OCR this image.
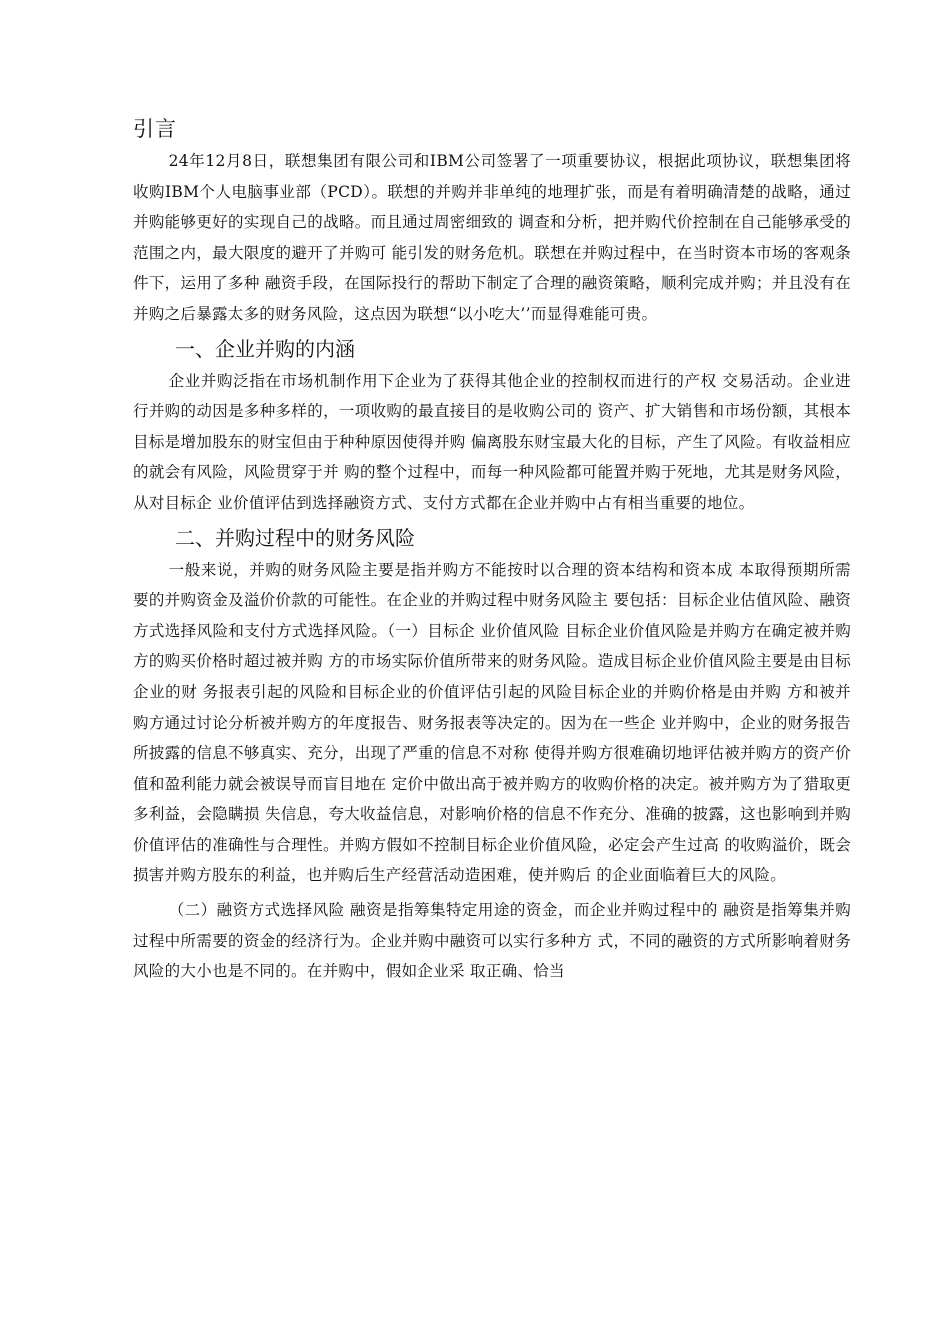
引言

24年12月8日，联想集团有限公司和IBM公司签署了一项重要协议，根据此项协议，联想集团将收购IBM个人电脑事业部（PCD）。联想的并购并非单纯的地理扩张，而是有着明确清楚的战略，通过并购能够更好的实现自己的战略。而且通过周密细致的 调查和分析，把并购代价控制在自己能够承受的范围之内，最大限度的避开了并购可 能引发的财务危机。联想在并购过程中，在当时资本市场的客观条件下，运用了多种 融资手段，在国际投行的帮助下制定了合理的融资策略，顺利完成并购；并且没有在 并购之后暴露太多的财务风险，这点因为联想“以小吃大’’而显得难能可贵。

一、企业并购的内涵

企业并购泛指在市场机制作用下企业为了获得其他企业的控制权而进行的产权 交易活动。企业进行并购的动因是多种多样的，一项收购的最直接目的是收购公司的 资产、扩大销售和市场份额，其根本目标是增加股东的财宝但由于种种原因使得并购 偏离股东财宝最大化的目标，产生了风险。有收益相应的就会有风险，风险贯穿于并 购的整个过程中，而每一种风险都可能置并购于死地，尤其是财务风险，从对目标企 业价值评估到选择融资方式、支付方式都在企业并购中占有相当重要的地位。

二、并购过程中的财务风险

一般来说，并购的财务风险主要是指并购方不能按时以合理的资本结构和资本成 本取得预期所需要的并购资金及溢价价款的可能性。在企业的并购过程中财务风险主 要包括：目标企业估值风险、融资方式选择风险和支付方式选择风险。（一）目标企 业价值风险 目标企业价值风险是并购方在确定被并购方的购买价格时超过被并购 方的市场实际价值所带来的财务风险。造成目标企业价值风险主要是由目标企业的财 务报表引起的风险和目标企业的价值评估引起的风险目标企业的并购价格是由并购 方和被并购方通过讨论分析被并购方的年度报告、财务报表等决定的。因为在一些企 业并购中，企业的财务报告所披露的信息不够真实、充分，出现了严重的信息不对称 使得并购方很难确切地评估被并购方的资产价值和盈利能力就会被误导而盲目地在 定价中做出高于被并购方的收购价格的决定。被并购方为了猎取更多利益，会隐瞒损 失信息，夸大收益信息，对影响价格的信息不作充分、准确的披露，这也影响到并购 价值评估的准确性与合理性。并购方假如不控制目标企业价值风险，必定会产生过高 的收购溢价，既会损害并购方股东的利益，也并购后生产经营活动造困难，使并购后 的企业面临着巨大的风险。

（二）融资方式选择风险 融资是指筹集特定用途的资金，而企业并购过程中的 融资是指筹集并购过程中所需要的资金的经济行为。企业并购中融资可以实行多种方 式，不同的融资的方式所影响着财务风险的大小也是不同的。在并购中，假如企业采 取正确、恰当
